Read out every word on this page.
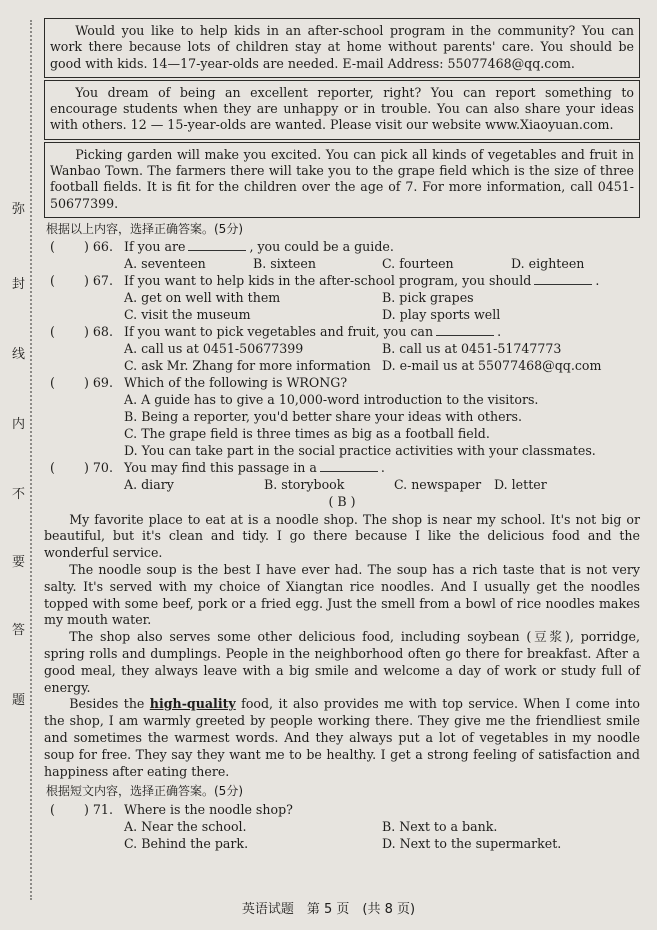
弥
封
线
内
不
要
答
题

Would you like to help kids in an after-school program in the community? You can work there because lots of children stay at home without parents' care. You should be good with kids. 14—17-year-olds are needed. E-mail Address: 55077468@qq.com.

You dream of being an excellent reporter, right? You can report something to encourage students when they are unhappy or in trouble. You can also share your ideas with others. 12 — 15-year-olds are wanted. Please visit our website www.Xiaoyuan.com.

Picking garden will make you excited. You can pick all kinds of vegetables and fruit in Wanbao Town. The farmers there will take you to the grape field which is the size of three football fields. It is fit for the children over the age of 7. For more information, call 0451-50677399.

根据以上内容，选择正确答案。(5分)
( ) 66. If you are	, you could be a guide.
A. seventeen	B. sixteen	C. fourteen	D. eighteen
( ) 67. If you want to help kids in the after-school program, you should	.
A. get on well with them	B. pick grapes
C. visit the museum	D. play sports well
( ) 68. If you want to pick vegetables and fruit, you can	.
A. call us at 0451-50677399	B. call us at 0451-51747773
C. ask Mr. Zhang for more information D. e-mail us at 55077468@qq.com
( ) 69. Which of the following is WRONG?
A. A guide has to give a 10,000-word introduction to the visitors.
B. Being a reporter, you'd better share your ideas with others.
C. The grape field is three times as big as a football field.
D. You can take part in the social practice activities with your classmates.
( ) 70. You may find this passage in a	.
A. diary	B. storybook	C. newspaper	D. letter
( B )

My favorite place to eat at is a noodle shop. The shop is near my school. It's not big or beautiful, but it's clean and tidy. I go there because I like the delicious food and the wonderful service.

The noodle soup is the best I have ever had. The soup has a rich taste that is not very salty. It's served with my choice of Xiangtan rice noodles. And I usually get the noodles topped with some beef, pork or a fried egg. Just the smell from a bowl of rice noodles makes my mouth water.

The shop also serves some other delicious food, including soybean (豆浆), porridge, spring rolls and dumplings. People in the neighborhood often go there for breakfast. After a good meal, they always leave with a big smile and welcome a day of work or study full of energy.

Besides the high-quality food, it also provides me with top service. When I come into the shop, I am warmly greeted by people working there. They give me the friendliest smile and sometimes the warmest words. And they always put a lot of vegetables in my noodle soup for free. They say they want me to be healthy. I get a strong feeling of satisfaction and happiness after eating there.

根据短文内容，选择正确答案。(5分)
( ) 71. Where is the noodle shop?
A. Near the school.	B. Next to a bank.
C. Behind the park.	D. Next to the supermarket.
英语试题　第 5 页　(共 8 页)
